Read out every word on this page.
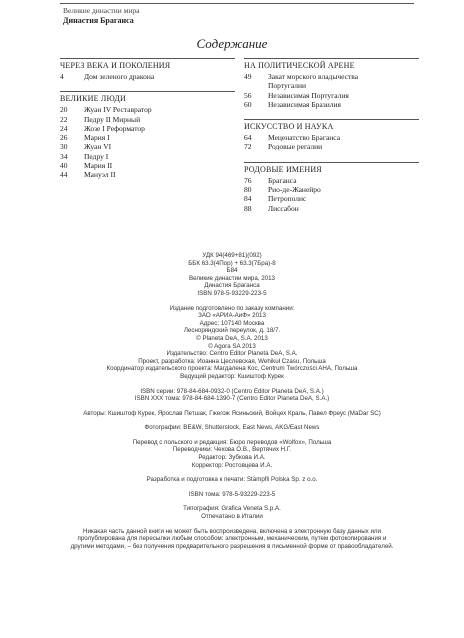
Великие династии мира
Династия Браганса
Содержание
ЧЕРЕЗ ВЕКА И ПОКОЛЕНИЯ
4	Дом зеленого дракона
ВЕЛИКИЕ ЛЮДИ
20	Жуан IV Реставратор
22	Педру II Мирный
24	Жозе I Реформатор
26	Мария I
30	Жуан VI
34	Педру I
40	Мария II
44	Мануэл II
НА ПОЛИТИЧЕСКОЙ АРЕНЕ
49	Закат морского владычества
Португалии
56	Независимая Португалия
60	Независимая Бразилия
ИСКУССТВО И НАУКА
64	Меценатство Браганса
72	Родовые регалии
РОДОВЫЕ ИМЕНИЯ
76	Браганса
80	Рио-де-Жанейро
84	Петрополис
88	Лиссабон

УДК 94(469+81)(092)

ББК 63.3(4Пор) + 63.3(7Бра)-8

Б84

Великие династии мира, 2013

Династия Браганса

ISBN 978-5-93229-223-5

Издание подготовлено по заказу компании:

ЗАО «АРИА-АиФ» 2013

Адрес: 107140 Москва

Лесноряндский переулок, д. 18/7.

© Planeta DeA, S.A. 2013

© Agora SA 2013

Издательство: Centro Editor Planeta DeA, S.A.

Проект, разработка: Иоанна Цеслевская, Wehikuł Czasu, Польша

Координатор издательского проекта: Магдалена Кос, Centrum Twórczości AHA, Польша

Ведущий редактор: Кшиштоф Курек

ISBN серии: 978-84-684-0932-0 (Centro Editor Planeta DeA, S.A.)

ISBN XXX тома: 978-84-684-1390-7 (Centro Editor Planeta DeA, S.A.)

Авторы: Кшиштоф Курек, Ярослав Петшак, Гжегож Ясиньский, Войцех Краль, Павел Фреус (MaDar SC)

Фотографии: BE&W, Shutterstock, East News, AKG/East News

Перевод с польского и редакция: Бюро переводов «Wolfox», Польша

Переводчики: Чехова О.В., Вертячих Н.Г.

Редактор: Зубкова И.А.

Корректор: Ростовцева И.А.

Разработка и подготовка к печати: Stämpfli Polska Sp. z o.o.

ISBN тома: 978-5-93229-223-5

Типография: Grafica Veneta S.p.A.

Отпечатано в Италии

Никакая часть данной книги не может быть воспроизведена, включена в электронную базу данных или пролублирована для пересылки любым способом: электронным, механическим, путем фотокопирования и другими методами, – без получения предварительного разрешения в письменной форме от правообладателей.
